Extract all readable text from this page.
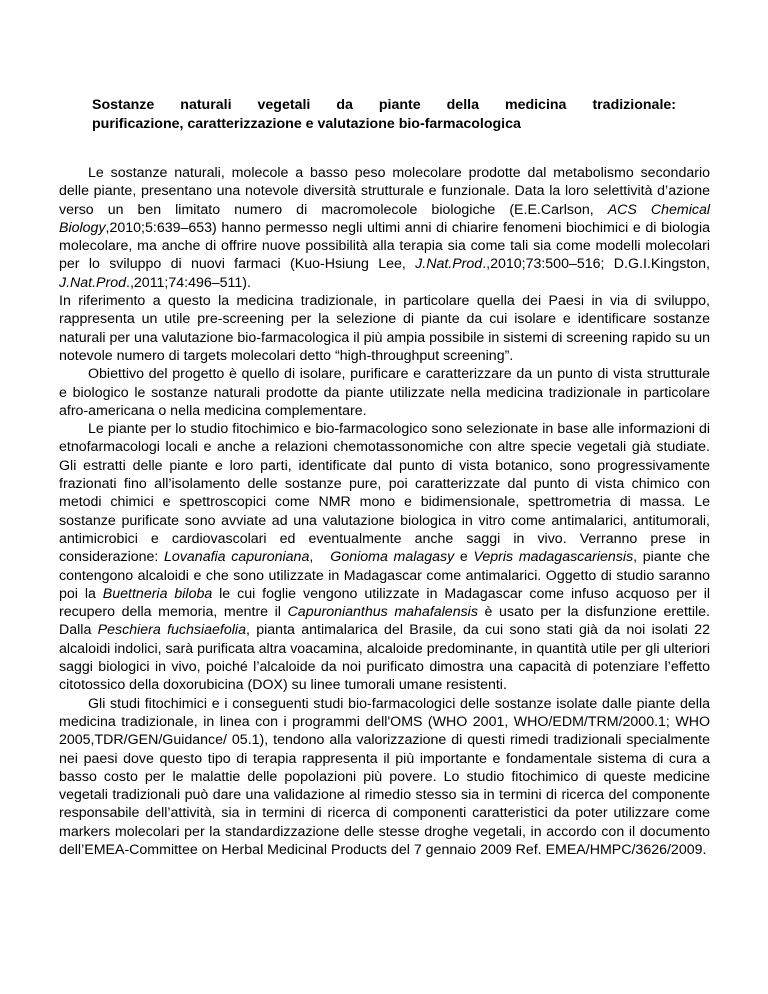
Sostanze naturali vegetali da piante della medicina tradizionale:
purificazione, caratterizzazione e valutazione bio-farmacologica

Le sostanze naturali, molecole a basso peso molecolare prodotte dal metabolismo secondario delle piante, presentano una notevole diversità strutturale e funzionale. Data la loro selettività d’azione verso un ben limitato numero di macromolecole biologiche (E.E.Carlson, ACS Chemical Biology,2010;5:639–653) hanno permesso negli ultimi anni di chiarire fenomeni biochimici e di biologia molecolare, ma anche di offrire nuove possibilità alla terapia sia come tali sia come modelli molecolari per lo sviluppo di nuovi farmaci (Kuo-Hsiung Lee, J.Nat.Prod.,2010;73:500–516; D.G.I.Kingston, J.Nat.Prod.,2011;74:496–511).

In riferimento a questo la medicina tradizionale, in particolare quella dei Paesi in via di sviluppo, rappresenta un utile pre-screening per la selezione di piante da cui isolare e identificare sostanze naturali per una valutazione bio-farmacologica il più ampia possibile in sistemi di screening rapido su un notevole numero di targets molecolari detto “high-throughput screening”.

Obiettivo del progetto è quello di isolare, purificare e caratterizzare da un punto di vista strutturale e biologico le sostanze naturali prodotte da piante utilizzate nella medicina tradizionale in particolare afro-americana o nella medicina complementare.

Le piante per lo studio fitochimico e bio-farmacologico sono selezionate in base alle informazioni di etnofarmacologi locali e anche a relazioni chemotassonomiche con altre specie vegetali già studiate. Gli estratti delle piante e loro parti, identificate dal punto di vista botanico, sono progressivamente frazionati fino all’isolamento delle sostanze pure, poi caratterizzate dal punto di vista chimico con metodi chimici e spettroscopici come NMR mono e bidimensionale, spettrometria di massa. Le sostanze purificate sono avviate ad una valutazione biologica in vitro come antimalarici, antitumorali, antimicrobici e cardiovascolari ed eventualmente anche saggi in vivo. Verranno prese in considerazione: Lovanafia capuroniana,   Gonioma malagasy e Vepris madagascariensis, piante che contengono alcaloidi e che sono utilizzate in Madagascar come antimalarici. Oggetto di studio saranno poi la Buettneria biloba le cui foglie vengono utilizzate in Madagascar come infuso acquoso per il recupero della memoria, mentre il Capuronianthus mahafalensis è usato per la disfunzione erettile. Dalla Peschiera fuchsiaefolia, pianta antimalarica del Brasile, da cui sono stati già da noi isolati 22 alcaloidi indolici, sarà purificata altra voacamina, alcaloide predominante, in quantità utile per gli ulteriori saggi biologici in vivo, poiché l’alcaloide da noi purificato dimostra una capacità di potenziare l’effetto citotossico della doxorubicina (DOX) su linee tumorali umane resistenti.

Gli studi fitochimici e i conseguenti studi bio-farmacologici delle sostanze isolate dalle piante della medicina tradizionale, in linea con i programmi dell'OMS (WHO 2001, WHO/EDM/TRM/2000.1; WHO 2005,TDR/GEN/Guidance/ 05.1), tendono alla valorizzazione di questi rimedi tradizionali specialmente nei paesi dove questo tipo di terapia rappresenta il più importante e fondamentale sistema di cura a basso costo per le malattie delle popolazioni più povere. Lo studio fitochimico di queste medicine vegetali tradizionali può dare una validazione al rimedio stesso sia in termini di ricerca del componente responsabile dell’attività, sia in termini di ricerca di componenti caratteristici da poter utilizzare come markers molecolari per la standardizzazione delle stesse droghe vegetali, in accordo con il documento dell’EMEA-Committee on Herbal Medicinal Products del 7 gennaio 2009 Ref. EMEA/HMPC/3626/2009.
